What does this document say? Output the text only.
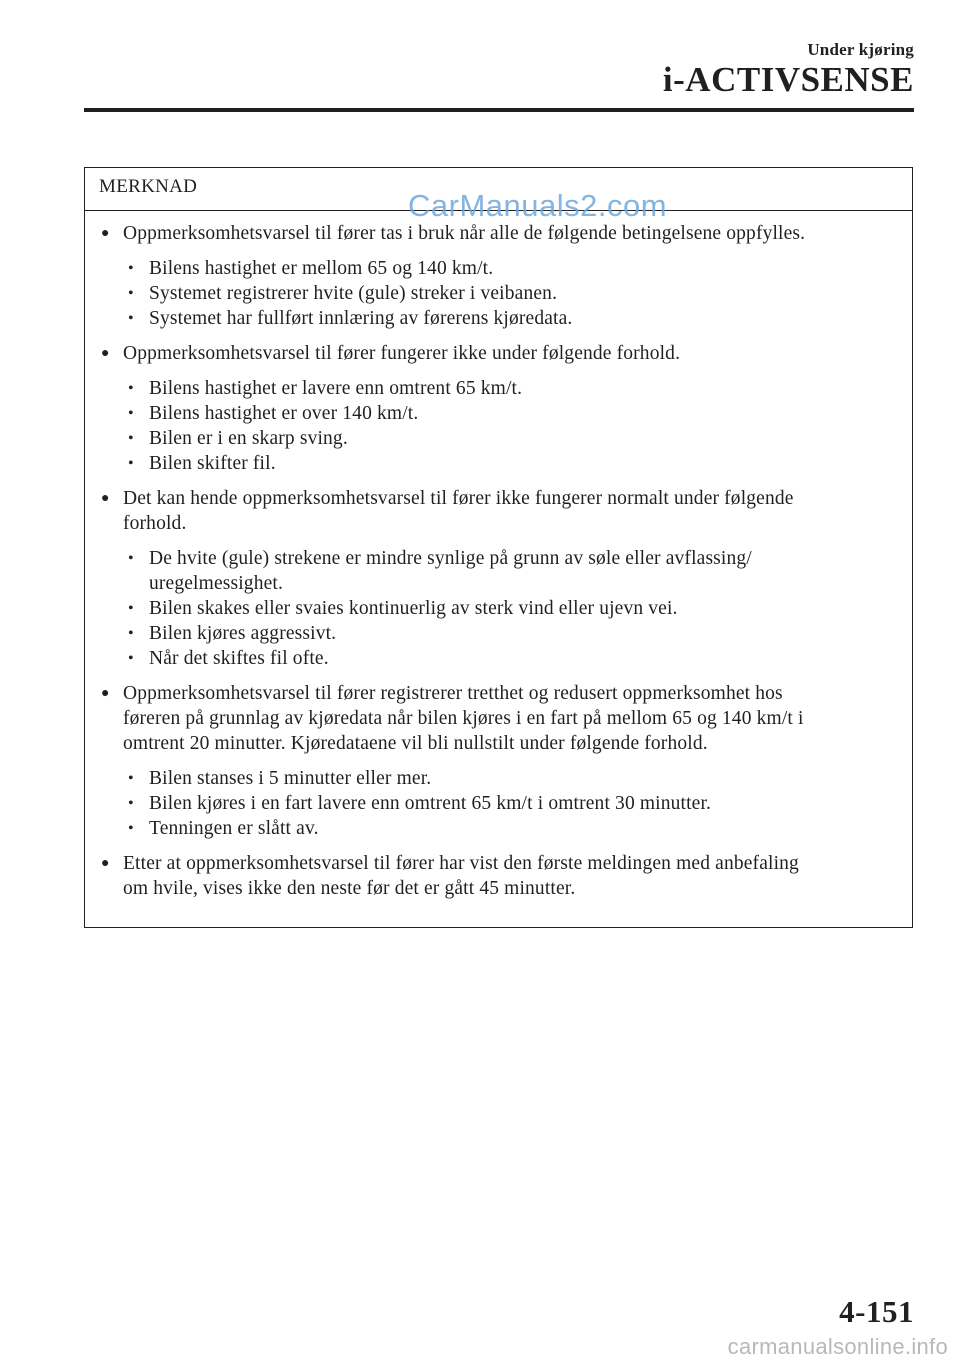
Under kjøring
i-ACTIVSENSE
MERKNAD
● Oppmerksomhetsvarsel til fører tas i bruk når alle de følgende betingelsene oppfylles.
• Bilens hastighet er mellom 65 og 140 km/t.
• Systemet registrerer hvite (gule) streker i veibanen.
• Systemet har fullført innlæring av førerens kjøredata.
● Oppmerksomhetsvarsel til fører fungerer ikke under følgende forhold.
• Bilens hastighet er lavere enn omtrent 65 km/t.
• Bilens hastighet er over 140 km/t.
• Bilen er i en skarp sving.
• Bilen skifter fil.
● Det kan hende oppmerksomhetsvarsel til fører ikke fungerer normalt under følgende
forhold.
• De hvite (gule) strekene er mindre synlige på grunn av søle eller avflassing/
uregelmessighet.
• Bilen skakes eller svaies kontinuerlig av sterk vind eller ujevn vei.
• Bilen kjøres aggressivt.
• Når det skiftes fil ofte.
● Oppmerksomhetsvarsel til fører registrerer tretthet og redusert oppmerksomhet hos
føreren på grunnlag av kjøredata når bilen kjøres i en fart på mellom 65 og 140 km/t i
omtrent 20 minutter. Kjøredataene vil bli nullstilt under følgende forhold.
• Bilen stanses i 5 minutter eller mer.
• Bilen kjøres i en fart lavere enn omtrent 65 km/t i omtrent 30 minutter.
• Tenningen er slått av.
● Etter at oppmerksomhetsvarsel til fører har vist den første meldingen med anbefaling
om hvile, vises ikke den neste før det er gått 45 minutter.
CarManuals2.com
4-151
carmanualsonline.info
